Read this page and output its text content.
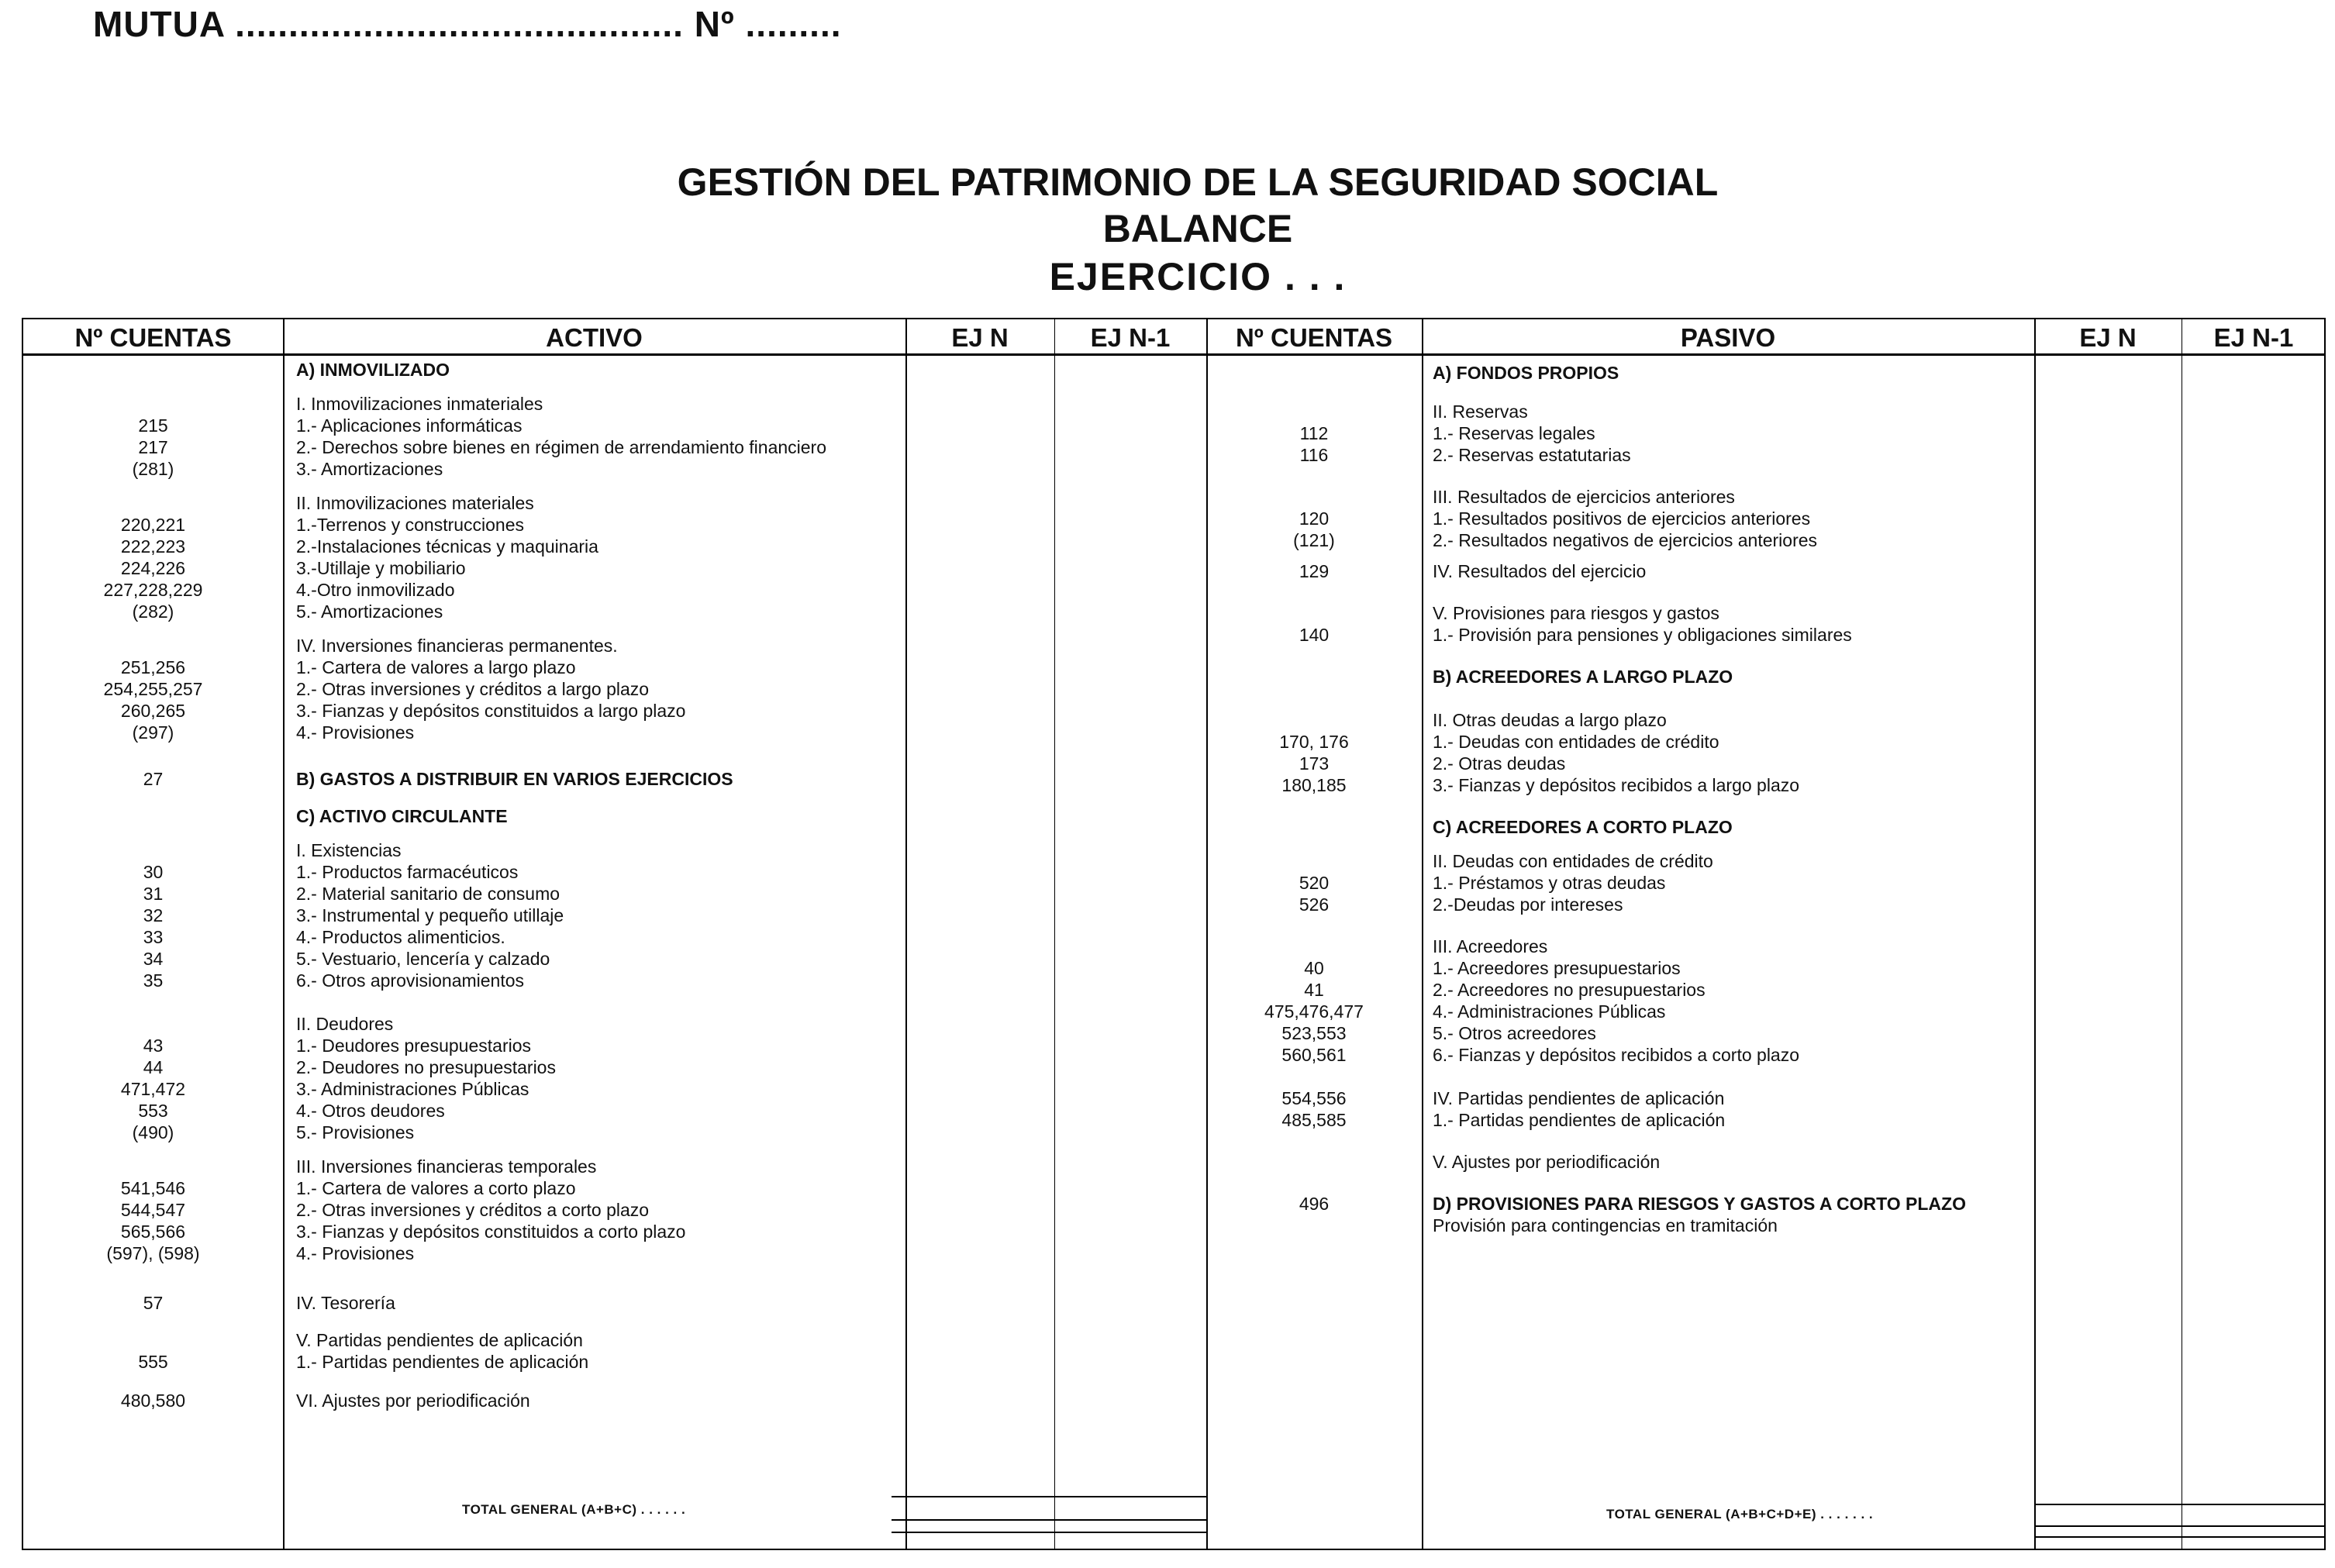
MUTUA .......................................... Nº .........
GESTIÓN DEL PATRIMONIO DE LA SEGURIDAD SOCIAL
BALANCE
EJERCICIO . . .
Nº CUENTAS	ACTIVO	EJ N	EJ N-1	Nº CUENTAS	PASIVO	EJ N	EJ N-1
A) INMOVILIZADO
I. Inmovilizaciones inmateriales
215	1.- Aplicaciones informáticas
217	2.- Derechos sobre bienes en régimen de arrendamiento financiero
(281)	3.- Amortizaciones
II. Inmovilizaciones materiales
220,221	1.-Terrenos y construcciones
222,223	2.-Instalaciones técnicas y maquinaria
224,226	3.-Utillaje y mobiliario
227,228,229	4.-Otro inmovilizado
(282)	5.- Amortizaciones
IV. Inversiones financieras permanentes.
251,256	1.- Cartera de valores a largo plazo
254,255,257	2.- Otras inversiones y créditos a largo plazo
260,265	3.- Fianzas y depósitos constituidos a largo plazo
(297)	4.- Provisiones
27	B) GASTOS A DISTRIBUIR EN VARIOS EJERCICIOS
C) ACTIVO CIRCULANTE
I. Existencias
30	1.- Productos farmacéuticos
31	2.- Material sanitario de consumo
32	3.- Instrumental y pequeño utillaje
33	4.- Productos alimenticios.
34	5.- Vestuario, lencería y calzado
35	6.- Otros aprovisionamientos
II. Deudores
43	1.- Deudores presupuestarios
44	2.- Deudores no presupuestarios
471,472	3.- Administraciones Públicas
553	4.- Otros deudores
(490)	5.- Provisiones
III. Inversiones financieras temporales
541,546	1.- Cartera de valores a corto plazo
544,547	2.- Otras inversiones y créditos a corto plazo
565,566	3.- Fianzas y depósitos constituidos a corto plazo
(597), (598)	4.- Provisiones
57	IV. Tesorería
V. Partidas pendientes de aplicación
555	1.- Partidas pendientes de aplicación
480,580	VI. Ajustes por periodificación
A) FONDOS PROPIOS
II. Reservas
112	1.- Reservas legales
116	2.- Reservas estatutarias
III. Resultados de ejercicios anteriores
120	1.- Resultados positivos de ejercicios anteriores
(121)	2.- Resultados negativos de ejercicios anteriores
129	IV. Resultados del ejercicio
V. Provisiones para riesgos y gastos
140	1.- Provisión para pensiones y obligaciones similares
B) ACREEDORES A LARGO PLAZO
II. Otras deudas a largo plazo
170, 176	1.- Deudas con entidades de crédito
173	2.- Otras deudas
180,185	3.- Fianzas y depósitos recibidos a largo plazo
C) ACREEDORES A CORTO PLAZO
II. Deudas con entidades de crédito
520	1.- Préstamos y otras deudas
526	2.-Deudas por intereses
III. Acreedores
40	1.- Acreedores presupuestarios
41	2.- Acreedores no presupuestarios
475,476,477	4.- Administraciones Públicas
523,553	5.- Otros acreedores
560,561	6.- Fianzas y depósitos recibidos a corto plazo
554,556	IV. Partidas pendientes de aplicación
485,585	1.- Partidas pendientes de aplicación
V. Ajustes por periodificación
496	D) PROVISIONES PARA RIESGOS Y GASTOS A CORTO PLAZO
Provisión para contingencias en tramitación
TOTAL GENERAL (A+B+C) . . . . . .	TOTAL GENERAL (A+B+C+D+E) . . . . . . .
